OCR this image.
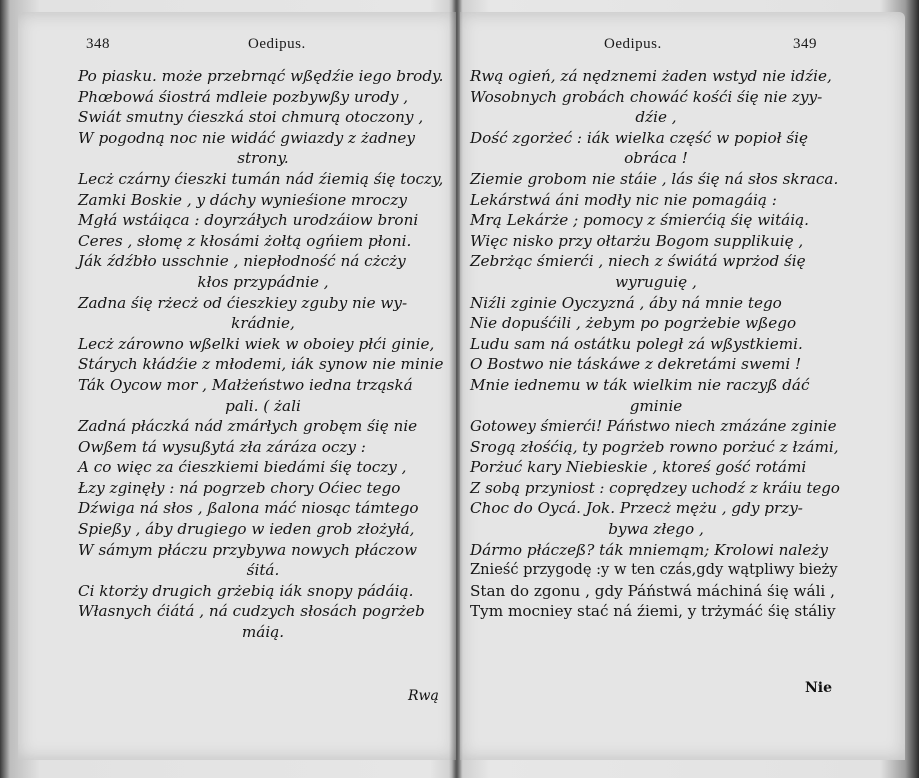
348	Oedipus.	Oedipus.	349
Po piasku. może przebrnąć wßędźie iego brody.
Phœbowá śiostrá mdleie pozbywßy urody ,
Swiát smutny ćieszká stoi chmurą otoczony ,
W pogodną noc nie widáć gwiazdy z żadney
strony.
Lecż czárny ćieszki tumán nád źiemią śię toczy,
Zamki Boskie , y dáchy wynieśione mroczy
Mgłá wstáiąca : doyrzáłych urodzáiow broni
Ceres , słomę z kłosámi żołtą ogńiem płoni.
Ják źdźbło usschnie , niepłodność ná cżcży
kłos przypádnie ,
Zadna śię rżecż od ćieszkiey zguby nie wy-
krádnie,
Lecż zárowno wßelki wiek w oboiey płći ginie,
Stárych kłádźie z młodemi, iák synow nie minie
Ták Oycow mor , Małżeństwo iedna trząská
pali. ( żali
Zadná płáczká nád zmárłych grobęm śię nie
Owßem tá wysußytá zła záráza oczy :
A co więc za ćieszkiemi biedámi śię toczy ,
Łzy zginęły : ná pogrzeb chory Oćiec tego
Dźwiga ná słos , ßalona máć niosąc támtego
Spießy , áby drugiego w ieden grob złożyłá,
W sámym płáczu przybywa nowych płáczow
śitá.
Ci ktorży drugich grżebią iák snopy pádáią.
Własnych ćiátá , ná cudzych słosách pogrżeb
máią.
Rwą ogień, zá nędznemi żaden wstyd nie idźie,
Wosobnych grobách chowáć kośći śię nie zyy-
dźie ,
Dość zgorżeć : iák wielka część w popioł śię
obráca !
Ziemie grobom nie stáie , lás śię ná słos skraca.
Lekárstwá áni modły nic nie pomagáią :
Mrą Lekárże ; pomocy z śmierćią śię witáią.
Więc nisko przy ołtarżu Bogom supplikuię ,
Zebrżąc śmierći , niech z świátá wprżod śię
wyruguię ,
Niźli zginie Oyczyzná , áby ná mnie tego
Nie dopuśćili , żebym po pogrżebie wßego
Ludu sam ná ostátku poległ zá wßystkiemi.
O Bostwo nie táskáwe z dekretámi swemi !
Mnie iednemu w ták wielkim nie raczyß dáć
gminie
Gotowey śmierći! Páństwo niech zmázáne zginie
Srogą złośćią, ty pogrżeb rowno porżuć z łzámi,
Porżuć kary Niebieskie , ktoreś gość rotámi
Z sobą przyniost : coprędzey uchodź z kráiu tego
Choc do Oycá. Jok. Przecż mężu , gdy przy-
bywa złego ,
Dármo płáczeß? ták mniemąm; Krolowi należy
Znieść przygodę :y w ten czás,gdy wątpliwy bieży
Stan do zgonu , gdy Páństwá máchiná śię wáli ,
Tym mocniey stać ná źiemi, y trżymáć śię stáliy
Rwą	Nie
